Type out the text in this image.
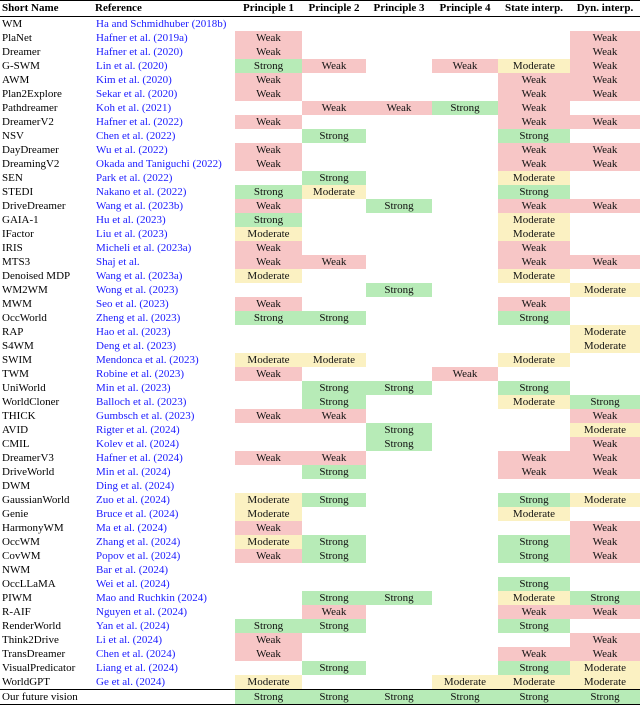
Short Name	Reference	Principle 1	Principle 2	Principle 3	Principle 4	State interp.	Dyn. interp.
WM	Ha and Schmidhuber (2018b)						
PlaNet	Hafner et al. (2019a)	Weak					Weak
Dreamer	Hafner et al. (2020)	Weak					Weak
G-SWM	Lin et al. (2020)	Strong	Weak		Weak	Moderate	Weak
AWM	Kim et al. (2020)	Weak				Weak	Weak
Plan2Explore	Sekar et al. (2020)	Weak				Weak	Weak
Pathdreamer	Koh et al. (2021)		Weak	Weak	Strong	Weak	
DreamerV2	Hafner et al. (2022)	Weak				Weak	Weak
NSV	Chen et al. (2022)		Strong			Strong	
DayDreamer	Wu et al. (2022)	Weak				Weak	Weak
DreamingV2	Okada and Taniguchi (2022)	Weak				Weak	Weak
SEN	Park et al. (2022)		Strong			Moderate	
STEDI	Nakano et al. (2022)	Strong	Moderate			Strong	
DriveDreamer	Wang et al. (2023b)	Weak		Strong		Weak	Weak
GAIA-1	Hu et al. (2023)	Strong				Moderate	
IFactor	Liu et al. (2023)	Moderate				Moderate	
IRIS	Micheli et al. (2023a)	Weak				Weak	
MTS3	Shaj et al.	Weak	Weak			Weak	Weak
Denoised MDP	Wang et al. (2023a)	Moderate				Moderate	
WM2WM	Wong et al. (2023)			Strong			Moderate
MWM	Seo et al. (2023)	Weak				Weak	
OccWorld	Zheng et al. (2023)	Strong	Strong			Strong	
RAP	Hao et al. (2023)						Moderate
S4WM	Deng et al. (2023)						Moderate
SWIM	Mendonca et al. (2023)	Moderate	Moderate			Moderate	
TWM	Robine et al. (2023)	Weak			Weak		
UniWorld	Min et al. (2023)		Strong	Strong		Strong	
WorldCloner	Balloch et al. (2023)		Strong			Moderate	Strong
THICK	Gumbsch et al. (2023)	Weak	Weak				Weak
AVID	Rigter et al. (2024)			Strong			Moderate
CMIL	Kolev et al. (2024)			Strong			Weak
DreamerV3	Hafner et al. (2024)	Weak	Weak			Weak	Weak
DriveWorld	Min et al. (2024)		Strong			Weak	Weak
DWM	Ding et al. (2024)						
GaussianWorld	Zuo et al. (2024)	Moderate	Strong			Strong	Moderate
Genie	Bruce et al. (2024)	Moderate				Moderate	
HarmonyWM	Ma et al. (2024)	Weak					Weak
OccWM	Zhang et al. (2024)	Moderate	Strong			Strong	Weak
CovWM	Popov et al. (2024)	Weak	Strong			Strong	Weak
NWM	Bar et al. (2024)						
OccLLaMA	Wei et al. (2024)					Strong	
PIWM	Mao and Ruchkin (2024)		Strong	Strong		Moderate	Strong
R-AIF	Nguyen et al. (2024)		Weak			Weak	Weak
RenderWorld	Yan et al. (2024)	Strong	Strong			Strong	
Think2Drive	Li et al. (2024)	Weak					Weak
TransDreamer	Chen et al. (2024)	Weak				Weak	Weak
VisualPredicator	Liang et al. (2024)		Strong			Strong	Moderate
WorldGPT	Ge et al. (2024)	Moderate			Moderate	Moderate	Moderate
Our future vision		Strong	Strong	Strong	Strong	Strong	Strong
